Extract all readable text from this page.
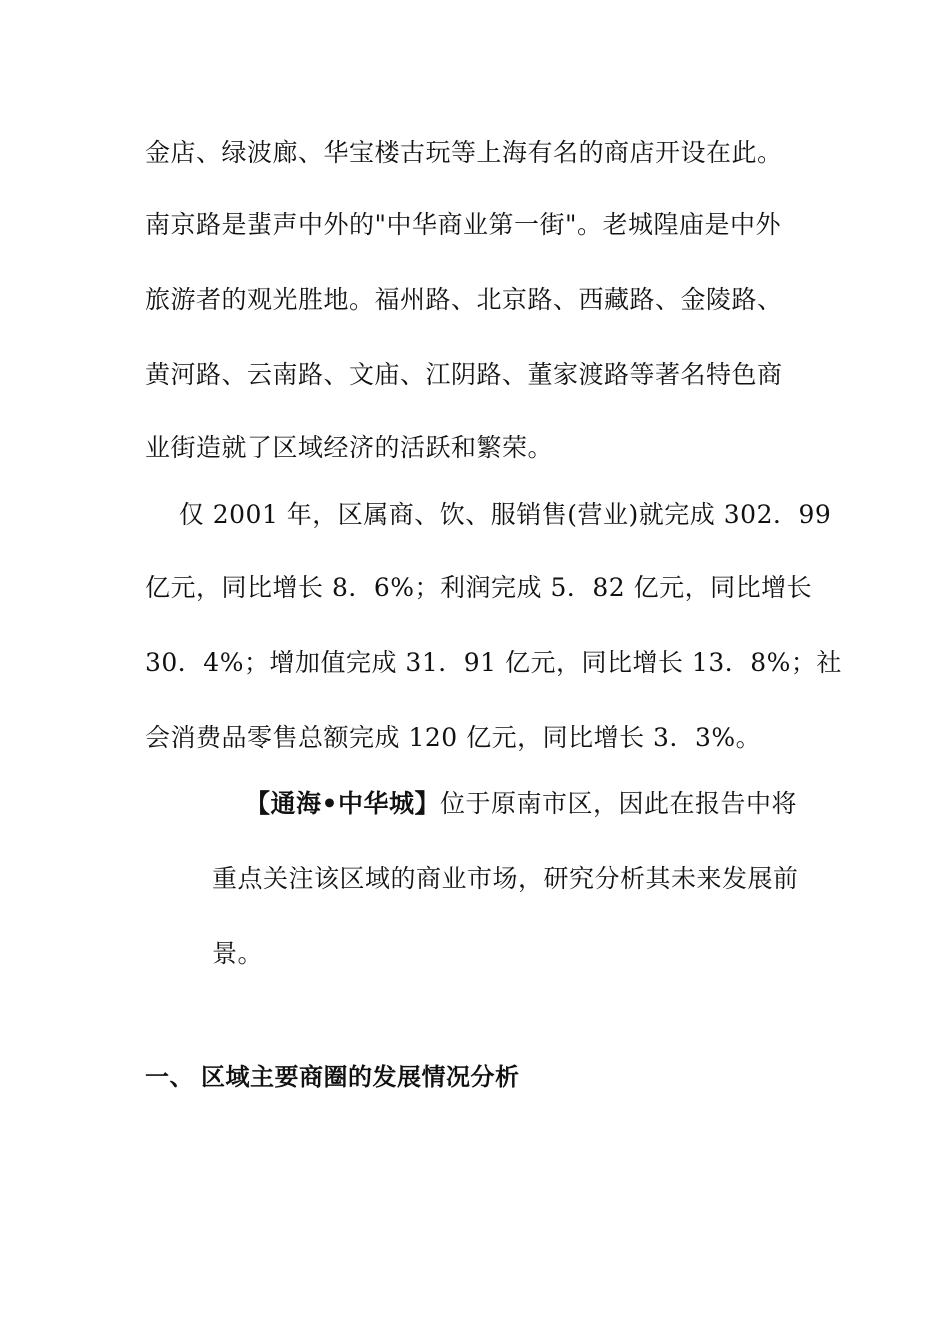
金店、绿波廊、华宝楼古玩等上海有名的商店开设在此。
南京路是蜚声中外的"中华商业第一街"。老城隍庙是中外
旅游者的观光胜地。福州路、北京路、西藏路、金陵路、
黄河路、云南路、文庙、江阴路、董家渡路等著名特色商
业街造就了区域经济的活跃和繁荣。
仅 2001 年，区属商、饮、服销售(营业)就完成 302．99
亿元，同比增长 8．6%；利润完成 5．82 亿元，同比增长
30．4%；增加值完成 31．91 亿元，同比增长 13．8%；社
会消费品零售总额完成 120 亿元，同比增长 3．3%。
【通海•中华城】位于原南市区，因此在报告中将
重点关注该区域的商业市场，研究分析其未来发展前
景。
一、 区域主要商圈的发展情况分析
